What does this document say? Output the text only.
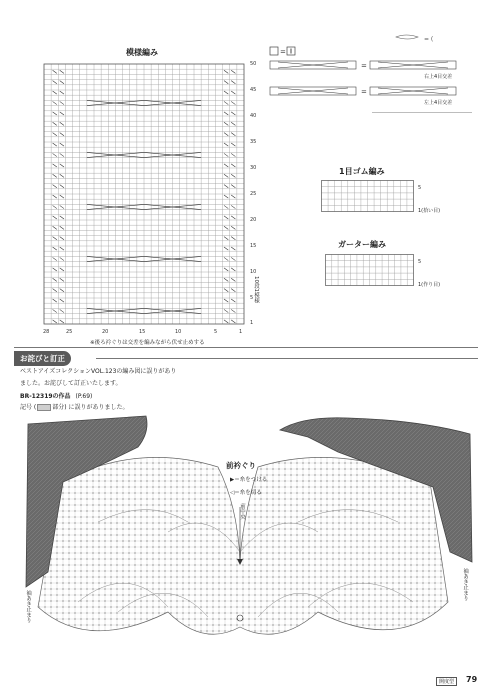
模様編み
50
45
40
35
30
25
20
15
10
5
1
10段1模様
28	25	20	15	10	5	1
※後ろ衿ぐりは交差を編みながら伏せ止めする
=
= (
=
=
右上4目交差
左上4目交差
1目ゴム編み
5
1(拾い目)
ガーター編み
5
1(作り目)
お詫びと訂正
ベストアイズコレクションVOL.123の編み図に誤りがあり
ました。お詫びして訂正いたします。
BR-12319の作品 (P.69)
記号 (	部分) に誤りがありました。
前衿ぐり
▶＝糸をつける
◁＝糸を切る
前中央
袖あき止まり
袖あき止まり
開度型	79
